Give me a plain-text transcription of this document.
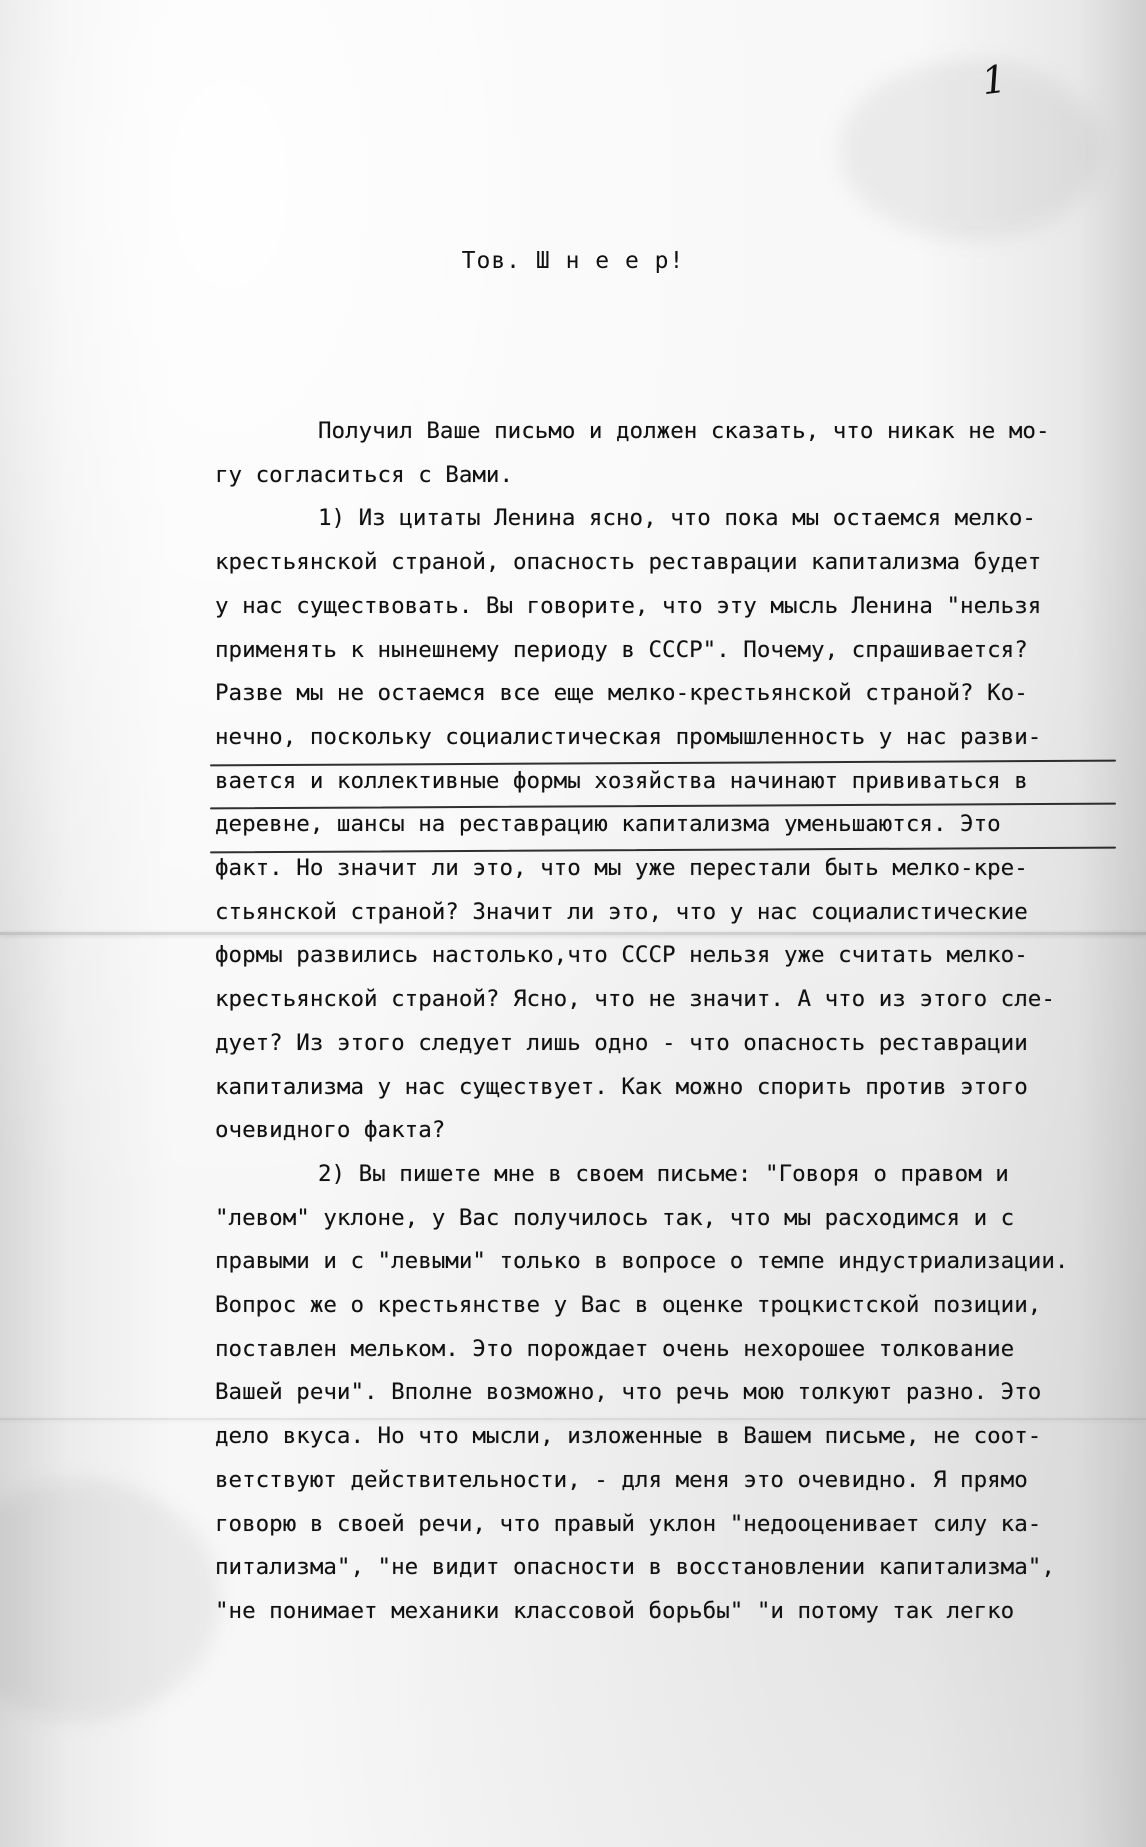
1
Тов. Ш н е е р!
Получил Ваше письмо и должен сказать, что никак не мо-
гу согласиться с Вами.
1) Из цитаты Ленина ясно, что пока мы остаемся мелко-
крестьянской страной, опасность реставрации капитализма будет
у нас существовать. Вы говорите, что эту мысль Ленина "нельзя
применять к нынешнему периоду в СССР". Почему, спрашивается?
Разве мы не остаемся все еще мелко-крестьянской страной? Ко-
нечно, поскольку социалистическая промышленность у нас разви-
вается и коллективные формы хозяйства начинают прививаться в
деревне, шансы на реставрацию капитализма уменьшаются. Это
факт. Но значит ли это, что мы уже перестали быть мелко-кре-
стьянской страной? Значит ли это, что у нас социалистические
формы развились настолько,что СССР нельзя уже считать мелко-
крестьянской страной? Ясно, что не значит. А что из этого сле-
дует? Из этого следует лишь одно - что опасность реставрации
капитализма у нас существует. Как можно спорить против этого
очевидного факта?
2) Вы пишете мне в своем письме: "Говоря о правом и
"левом" уклоне, у Вас получилось так, что мы расходимся и с
правыми и с "левыми" только в вопросе о темпе индустриализации.
Вопрос же о крестьянстве у Вас в оценке троцкистской позиции,
поставлен мельком. Это порождает очень нехорошее толкование
Вашей речи". Вполне возможно, что речь мою толкуют разно. Это
дело вкуса. Но что мысли, изложенные в Вашем письме, не соот-
ветствуют действительности, - для меня это очевидно. Я прямо
говорю в своей речи, что правый уклон "недооценивает силу ка-
питализма", "не видит опасности в восстановлении капитализма",
"не понимает механики классовой борьбы" "и потому так легко
